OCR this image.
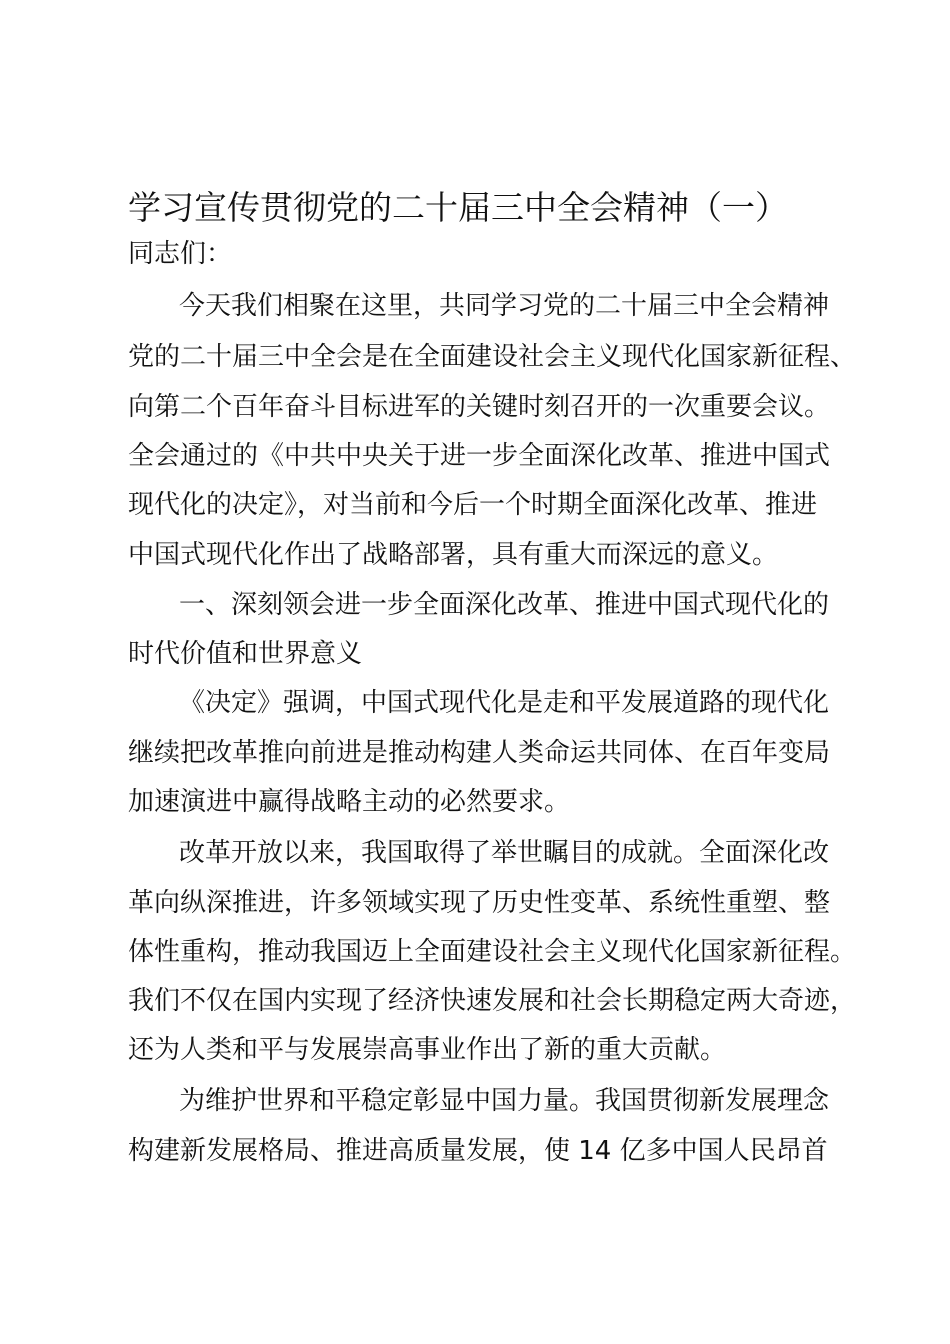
学习宣传贯彻党的二十届三中全会精神（一）

同志们：

今天我们相聚在这里，共同学习党的二十届三中全会精神

党的二十届三中全会是在全面建设社会主义现代化国家新征程、

向第二个百年奋斗目标进军的关键时刻召开的一次重要会议。

全会通过的《中共中央关于进一步全面深化改革、推进中国式

现代化的决定》，对当前和今后一个时期全面深化改革、推进

中国式现代化作出了战略部署，具有重大而深远的意义。

一、深刻领会进一步全面深化改革、推进中国式现代化的

时代价值和世界意义

《决定》强调，中国式现代化是走和平发展道路的现代化

继续把改革推向前进是推动构建人类命运共同体、在百年变局

加速演进中赢得战略主动的必然要求。

改革开放以来，我国取得了举世瞩目的成就。全面深化改

革向纵深推进，许多领域实现了历史性变革、系统性重塑、整

体性重构，推动我国迈上全面建设社会主义现代化国家新征程。

我们不仅在国内实现了经济快速发展和社会长期稳定两大奇迹，

还为人类和平与发展崇高事业作出了新的重大贡献。

为维护世界和平稳定彰显中国力量。我国贯彻新发展理念

构建新发展格局、推进高质量发展，使 14 亿多中国人民昂首
